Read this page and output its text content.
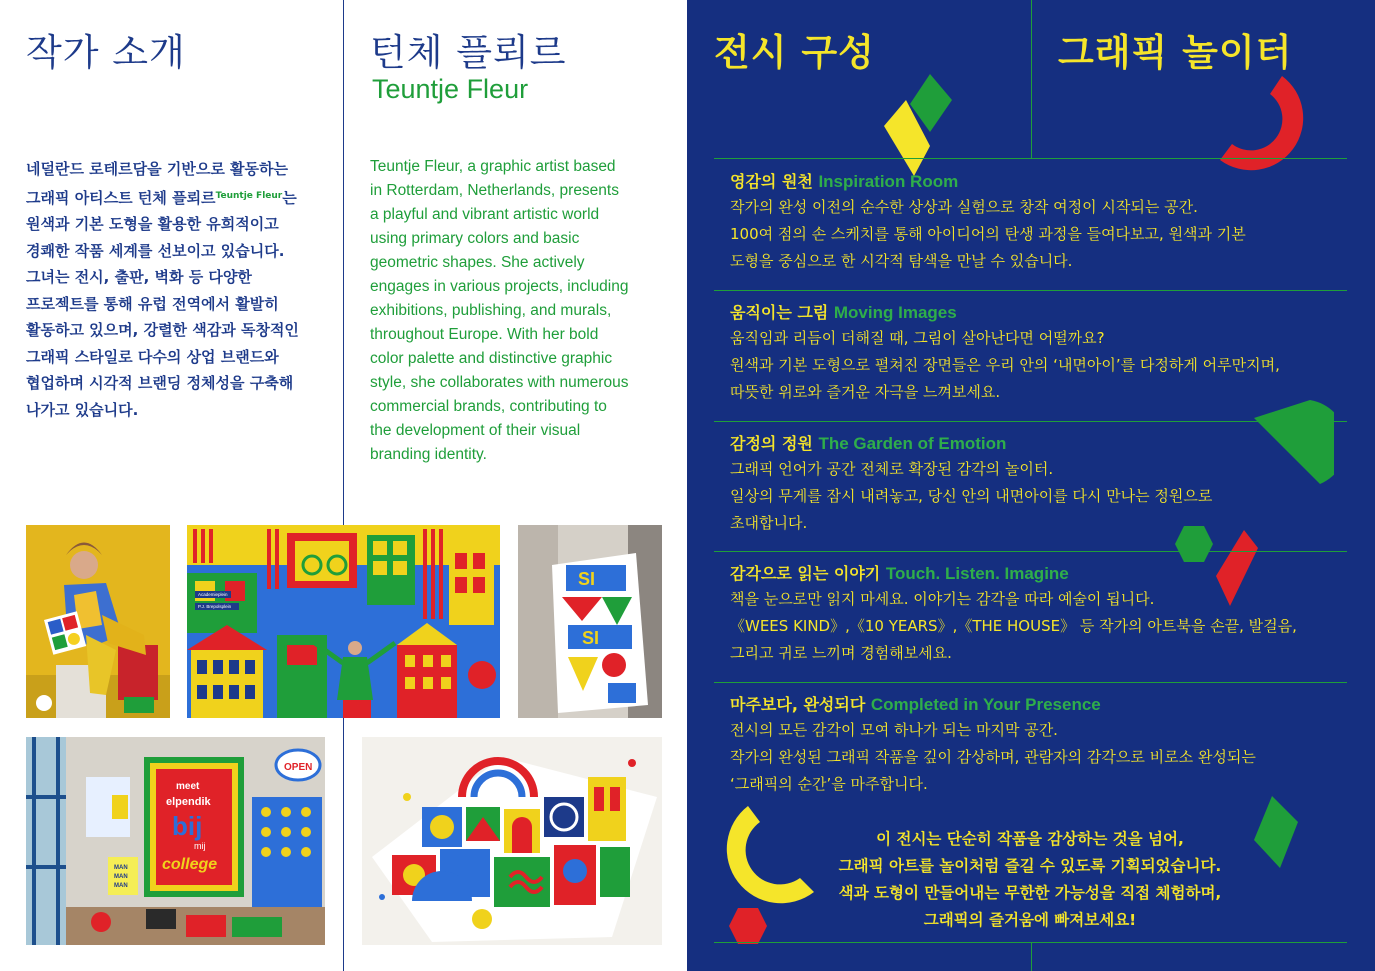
작가 소개
네덜란드 로테르담을 기반으로 활동하는
그래픽 아티스트 턴체 플뢰르$^{Teuntje Fleur}$는
원색과 기본 도형을 활용한 유희적이고
경쾌한 작품 세계를 선보이고 있습니다.
그녀는 전시, 출판, 벽화 등 다양한
프로젝트를 통해 유럽 전역에서 활발히
활동하고 있으며, 강렬한 색감과 독창적인
그래픽 스타일로 다수의 상업 브랜드와
협업하며 시각적 브랜딩 정체성을 구축해
나가고 있습니다.
턴체 플뢰르
Teuntje Fleur
Teuntje Fleur, a graphic artist based
in Rotterdam, Netherlands, presents
a playful and vibrant artistic world
using primary colors and basic
geometric shapes. She actively
engages in various projects, including
exhibitions, publishing, and murals,
throughout Europe. With her bold
color palette and distinctive graphic
style, she collaborates with numerous
commercial brands, contributing to
the development of their visual
branding identity.
Academieplein
P.J. Brepolsplein
SI
SI
meet
elpendik
bij
mij
college
OPEN
MAN
MAN
MAN
전시 구성	그래픽 놀이터
영감의 원천 Inspiration Room
작가의 완성 이전의 순수한 상상과 실험으로 창작 여정이 시작되는 공간.
100여 점의 손 스케치를 통해 아이디어의 탄생 과정을 들여다보고, 원색과 기본
도형을 중심으로 한 시각적 탐색을 만날 수 있습니다.
움직이는 그림 Moving Images
움직임과 리듬이 더해질 때, 그림이 살아난다면 어떨까요?
원색과 기본 도형으로 펼쳐진 장면들은 우리 안의 ‘내면아이’를 다정하게 어루만지며,
따뜻한 위로와 즐거운 자극을 느껴보세요.
감정의 정원 The Garden of Emotion
그래픽 언어가 공간 전체로 확장된 감각의 놀이터.
일상의 무게를 잠시 내려놓고, 당신 안의 내면아이를 다시 만나는 정원으로
초대합니다.
감각으로 읽는 이야기 Touch. Listen. Imagine
책을 눈으로만 읽지 마세요. 이야기는 감각을 따라 예술이 됩니다.
《WEES KIND》,《10 YEARS》,《THE HOUSE》 등 작가의 아트북을 손끝, 발걸음,
그리고 귀로 느끼며 경험해보세요.
마주보다, 완성되다 Completed in Your Presence
전시의 모든 감각이 모여 하나가 되는 마지막 공간.
작가의 완성된 그래픽 작품을 깊이 감상하며, 관람자의 감각으로 비로소 완성되는
‘그래픽의 순간’을 마주합니다.
이 전시는 단순히 작품을 감상하는 것을 넘어,
그래픽 아트를 놀이처럼 즐길 수 있도록 기획되었습니다.
색과 도형이 만들어내는 무한한 가능성을 직접 체험하며,
그래픽의 즐거움에 빠져보세요!
